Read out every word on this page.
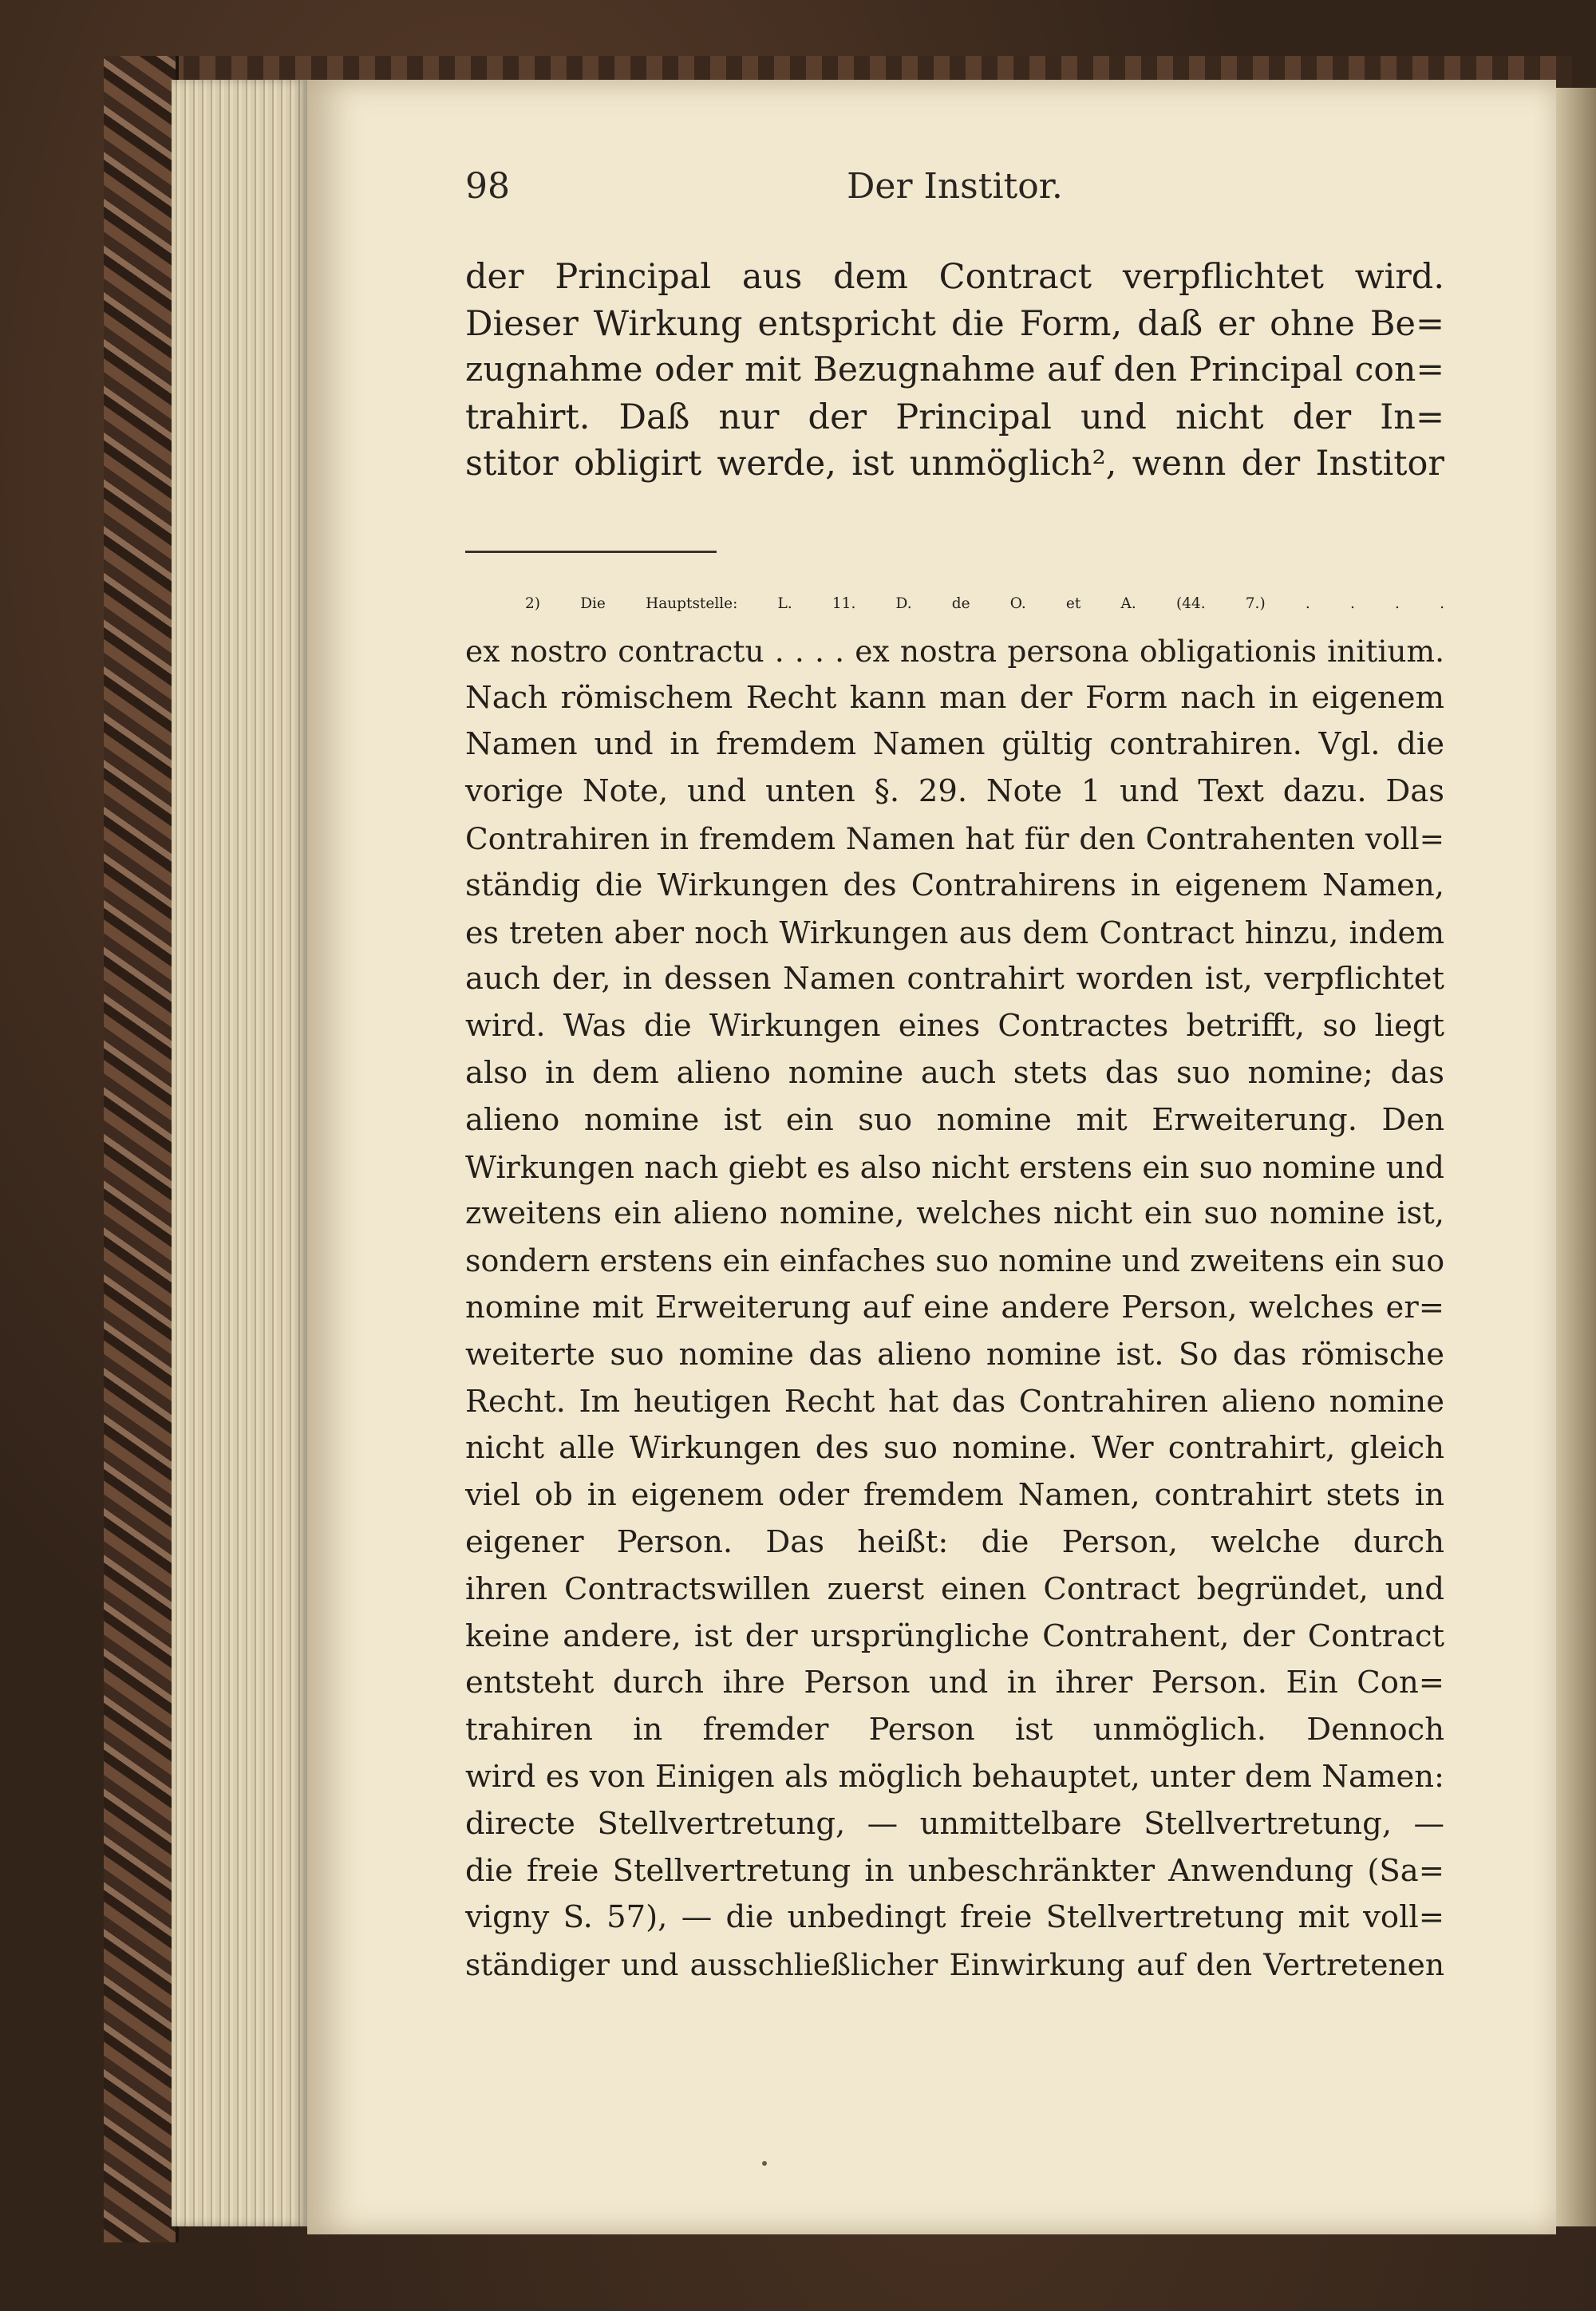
98	Der Institor.
der Principal aus dem Contract verpflichtet wird.
Dieser Wirkung entspricht die Form, daß er ohne Be=
zugnahme oder mit Bezugnahme auf den Principal con=
trahirt. Daß nur der Principal und nicht der In=
stitor obligirt werde, ist unmöglich², wenn der Institor
2) Die Hauptstelle: L. 11. D. de O. et A. (44. 7.) . . . .
ex nostro contractu . . . . ex nostra persona obligationis initium.
Nach römischem Recht kann man der Form nach in eigenem
Namen und in fremdem Namen gültig contrahiren. Vgl. die
vorige Note, und unten §. 29. Note 1 und Text dazu. Das
Contrahiren in fremdem Namen hat für den Contrahenten voll=
ständig die Wirkungen des Contrahirens in eigenem Namen,
es treten aber noch Wirkungen aus dem Contract hinzu, indem
auch der, in dessen Namen contrahirt worden ist, verpflichtet
wird. Was die Wirkungen eines Contractes betrifft, so liegt
also in dem alieno nomine auch stets das suo nomine; das
alieno nomine ist ein suo nomine mit Erweiterung. Den
Wirkungen nach giebt es also nicht erstens ein suo nomine und
zweitens ein alieno nomine, welches nicht ein suo nomine ist,
sondern erstens ein einfaches suo nomine und zweitens ein suo
nomine mit Erweiterung auf eine andere Person, welches er=
weiterte suo nomine das alieno nomine ist. So das römische
Recht. Im heutigen Recht hat das Contrahiren alieno nomine
nicht alle Wirkungen des suo nomine. Wer contrahirt, gleich
viel ob in eigenem oder fremdem Namen, contrahirt stets in
eigener Person. Das heißt: die Person, welche durch
ihren Contractswillen zuerst einen Contract begründet, und
keine andere, ist der ursprüngliche Contrahent, der Contract
entsteht durch ihre Person und in ihrer Person. Ein Con=
trahiren in fremder Person ist unmöglich. Dennoch
wird es von Einigen als möglich behauptet, unter dem Namen:
directe Stellvertretung, — unmittelbare Stellvertretung, —
die freie Stellvertretung in unbeschränkter Anwendung (Sa=
vigny S. 57), — die unbedingt freie Stellvertretung mit voll=
ständiger und ausschließlicher Einwirkung auf den Vertretenen
